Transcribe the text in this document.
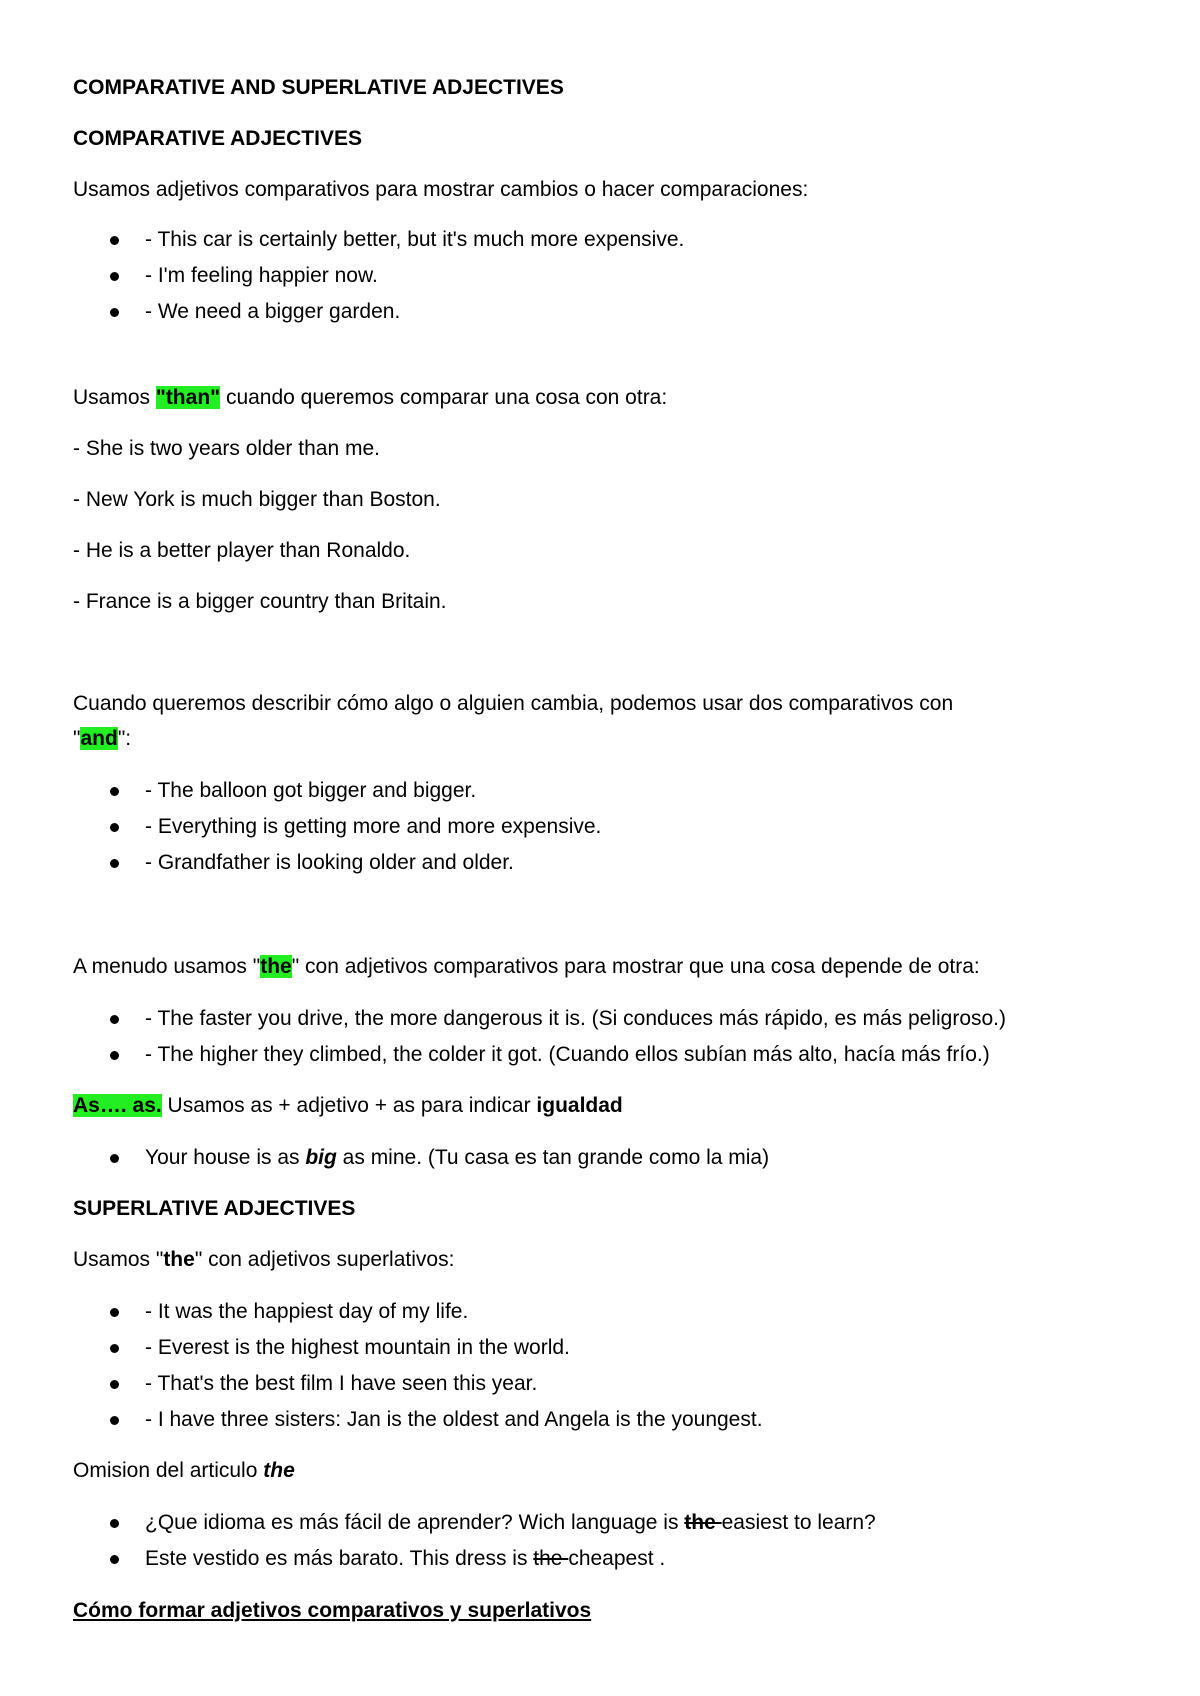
COMPARATIVE AND SUPERLATIVE ADJECTIVES
COMPARATIVE ADJECTIVES
Usamos adjetivos comparativos para mostrar cambios o hacer comparaciones:
- This car is certainly better, but it's much more expensive.
- I'm feeling happier now.
- We need a bigger garden.
Usamos "than" cuando queremos comparar una cosa con otra:
- She is two years older than me.
- New York is much bigger than Boston.
- He is a better player than Ronaldo.
- France is a bigger country than Britain.
Cuando queremos describir cómo algo o alguien cambia, podemos usar dos comparativos con
"and":
- The balloon got bigger and bigger.
- Everything is getting more and more expensive.
- Grandfather is looking older and older.
A menudo usamos "the" con adjetivos comparativos para mostrar que una cosa depende de otra:
- The faster you drive, the more dangerous it is. (Si conduces más rápido, es más peligroso.)
- The higher they climbed, the colder it got. (Cuando ellos subían más alto, hacía más frío.)
As…. as. Usamos as + adjetivo + as para indicar igualdad
Your house is as big as mine. (Tu casa es tan grande como la mia)
SUPERLATIVE ADJECTIVES
Usamos "the" con adjetivos superlativos:
- It was the happiest day of my life.
- Everest is the highest mountain in the world.
- That's the best film I have seen this year.
- I have three sisters: Jan is the oldest and Angela is the youngest.
Omision del articulo the
¿Que idioma es más fácil de aprender? Wich language is the easiest to learn?
Este vestido es más barato. This dress is the cheapest .
Cómo formar adjetivos comparativos y superlativos
